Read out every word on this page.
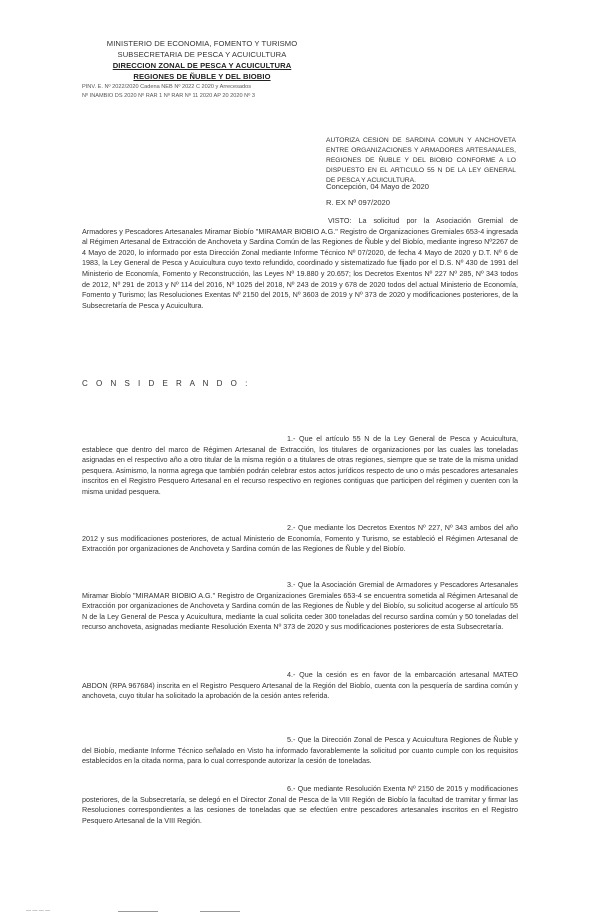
MINISTERIO DE ECONOMIA, FOMENTO Y TURISMO
SUBSECRETARIA DE PESCA Y ACUICULTURA
DIRECCION ZONAL DE PESCA Y ACUICULTURA
REGIONES DE ÑUBLE Y DEL BIOBIO
PINV. E. Nº 2022/2020 Cadena NEB Nº 2022 C 2020 y Arrecesados
Nº INAMBIO DS 2020 Nº RAR 1 Nº RAR Nº 11 2020 AP 20 2020 Nº 3
AUTORIZA CESION DE SARDINA COMUN Y ANCHOVETA ENTRE ORGANIZACIONES Y ARMADORES ARTESANALES, REGIONES DE ÑUBLE Y DEL BIOBIO CONFORME A LO DISPUESTO EN EL ARTICULO 55 N DE LA LEY GENERAL DE PESCA Y ACUICULTURA.
Concepción, 04 Mayo de 2020
R. EX Nº 097/2020
VISTO: La solicitud por la Asociación Gremial de Armadores y Pescadores Artesanales Miramar Biobío "MIRAMAR BIOBIO A.G." Registro de Organizaciones Gremiales 653-4 ingresada al Régimen Artesanal de Extracción de Anchoveta y Sardina Común de las Regiones de Ñuble y del Biobío, mediante ingreso Nº2267 de 4 Mayo de 2020, lo informado por esta Dirección Zonal mediante Informe Técnico Nº 07/2020, de fecha 4 Mayo de 2020 y D.T. Nº 6 de 1983, la Ley General de Pesca y Acuicultura cuyo texto refundido, coordinado y sistematizado fue fijado por el D.S. Nº 430 de 1991 del Ministerio de Economía, Fomento y Reconstrucción, las Leyes Nº 19.880 y 20.657; los Decretos Exentos Nº 227 Nº 285, Nº 343 todos de 2012, Nº 291 de 2013 y Nº 114 del 2016, Nº 1025 del 2018, Nº 243 de 2019 y 678 de 2020 todos del actual Ministerio de Economía, Fomento y Turismo; las Resoluciones Exentas Nº 2150 del 2015, Nº 3603 de 2019 y Nº 373 de 2020 y modificaciones posteriores, de la Subsecretaría de Pesca y Acuicultura.
C O N S I D E R A N D O :
1.- Que el artículo 55 N de la Ley General de Pesca y Acuicultura, establece que dentro del marco de Régimen Artesanal de Extracción, los titulares de organizaciones por las cuales las toneladas asignadas en el respectivo año a otro titular de la misma región o a titulares de otras regiones, siempre que se trate de la misma unidad pesquera. Asimismo, la norma agrega que también podrán celebrar estos actos jurídicos respecto de uno o más pescadores artesanales inscritos en el Registro Pesquero Artesanal en el recurso respectivo en regiones contiguas que participen del régimen y cuenten con la misma unidad pesquera.
2.- Que mediante los Decretos Exentos Nº 227, Nº 343 ambos del año 2012 y sus modificaciones posteriores, de actual Ministerio de Economía, Fomento y Turismo, se estableció el Régimen Artesanal de Extracción por organizaciones de Anchoveta y Sardina común de las Regiones de Ñuble y del Biobío.
3.- Que la Asociación Gremial de Armadores y Pescadores Artesanales Miramar Biobío "MIRAMAR BIOBIO A.G." Registro de Organizaciones Gremiales 653-4 se encuentra sometida al Régimen Artesanal de Extracción por organizaciones de Anchoveta y Sardina común de las Regiones de Ñuble y del Biobío, su solicitud acogerse al artículo 55 N de la Ley General de Pesca y Acuicultura, mediante la cual solicita ceder 300 toneladas del recurso sardina común y 50 toneladas del recurso anchoveta, asignadas mediante Resolución Exenta Nº 373 de 2020 y sus modificaciones posteriores de esta Subsecretaría.
4.- Que la cesión es en favor de la embarcación artesanal MATEO ABDON (RPA 967684) inscrita en el Registro Pesquero Artesanal de la Región del Biobío, cuenta con la pesquería de sardina común y anchoveta, cuyo titular ha solicitado la aprobación de la cesión antes referida.
5.- Que la Dirección Zonal de Pesca y Acuicultura Regiones de Ñuble y del Biobío, mediante Informe Técnico señalado en Visto ha informado favorablemente la solicitud por cuanto cumple con los requisitos establecidos en la citada norma, para lo cual corresponde autorizar la cesión de toneladas.
6.- Que mediante Resolución Exenta Nº 2150 de 2015 y modificaciones posteriores, de la Subsecretaría, se delegó en el Director Zonal de Pesca de la VIII Región de Biobío la facultad de tramitar y firmar las Resoluciones correspondientes a las cesiones de toneladas que se efectúen entre pescadores artesanales inscritos en el Registro Pesquero Artesanal de la VIII Región.
— — — —
